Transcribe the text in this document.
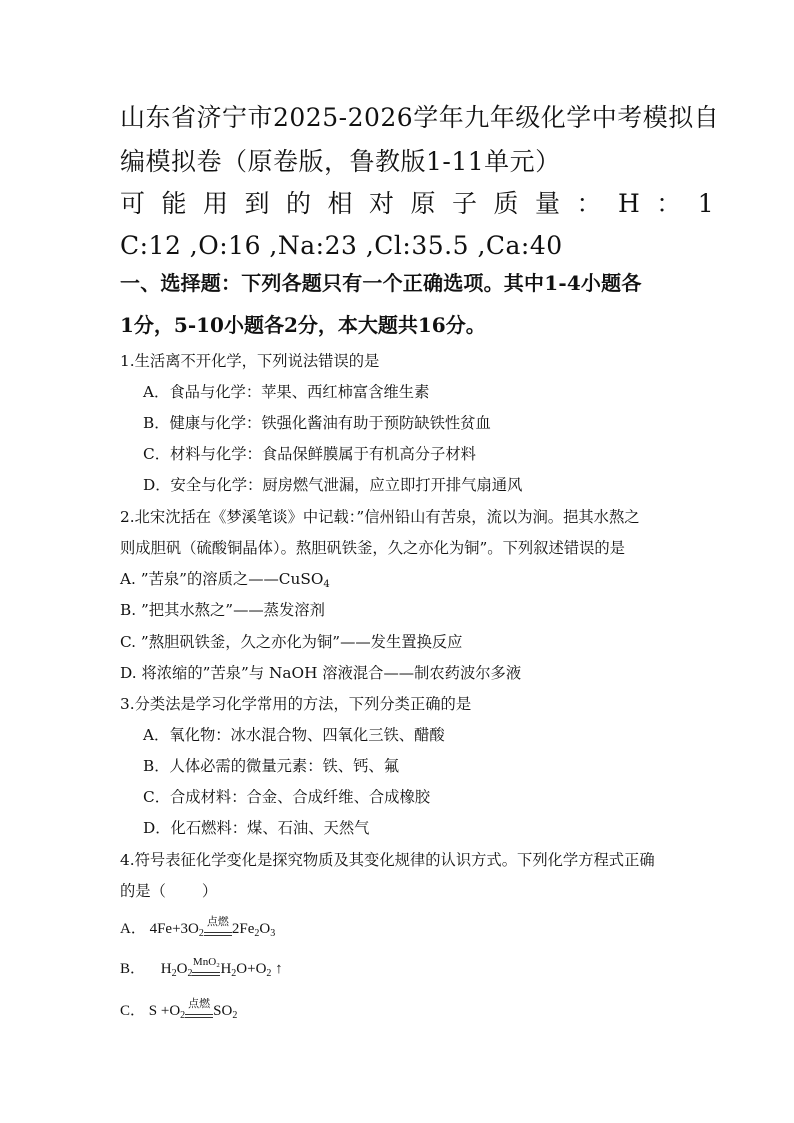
山东省济宁市2025-2026学年九年级化学中考模拟自
编模拟卷（原卷版，鲁教版1-11单元）
可能用到的相对原子质量：H：1
C:12 ,O:16 ,Na:23 ,Cl:35.5 ,Ca:40
一、选择题：下列各题只有一个正确选项。其中1-4小题各
1分，5-10小题各2分，本大题共16分。
1.生活离不开化学，下列说法错误的是
A．食品与化学：苹果、西红柿富含维生素
B．健康与化学：铁强化酱油有助于预防缺铁性贫血
C．材料与化学：食品保鲜膜属于有机高分子材料
D．安全与化学：厨房燃气泄漏，应立即打开排气扇通风
2.北宋沈括在《梦溪笔谈》中记载：”信州铅山有苦泉，流以为涧。挹其水熬之
则成胆矾（硫酸铜晶体）。熬胆矾铁釜，久之亦化为铜”。下列叙述错误的是
A. ”苦泉”的溶质之——CuSO$_4$
B. ”把其水熬之”——蒸发溶剂
C. ”熬胆矾铁釜，久之亦化为铜”——发生置换反应
D. 将浓缩的”苦泉”与 NaOH 溶液混合——制农药波尔多液
3.分类法是学习化学常用的方法，下列分类正确的是
A．氧化物：冰水混合物、四氧化三铁、醋酸
B．人体必需的微量元素：铁、钙、氟
C．合成材料：合金、合成纤维、合成橡胶
D．化石燃料：煤、石油、天然气
4.符号表征化学变化是探究物质及其变化规律的认识方式。下列化学方程式正确
的是（ ）
A． $4Fe+3O_2$
点燃 $2Fe_2O_3$
B． $H_2O_2$
MnO₂ $H_2O+O_2$ ↑
C． $S +O_2$
点燃 $SO_2$
